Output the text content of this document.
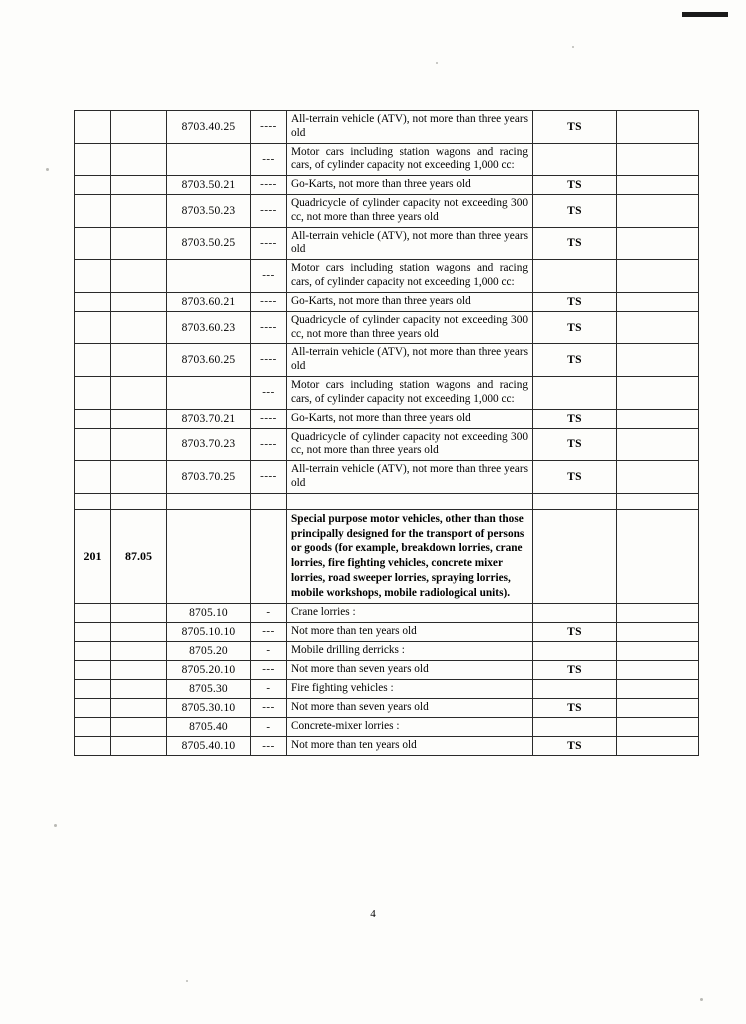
		8703.40.25	----	All-terrain vehicle (ATV), not more than three years old	TS	
			---	Motor cars including station wagons and racing cars, of cylinder capacity not exceeding 1,000 cc:		
		8703.50.21	----	Go-Karts, not more than three years old	TS	
		8703.50.23	----	Quadricycle of cylinder capacity not exceeding 300 cc, not more than three years old	TS	
		8703.50.25	----	All-terrain vehicle (ATV), not more than three years old	TS	
			---	Motor cars including station wagons and racing cars, of cylinder capacity not exceeding 1,000 cc:		
		8703.60.21	----	Go-Karts, not more than three years old	TS	
		8703.60.23	----	Quadricycle of cylinder capacity not exceeding 300 cc, not more than three years old	TS	
		8703.60.25	----	All-terrain vehicle (ATV), not more than three years old	TS	
			---	Motor cars including station wagons and racing cars, of cylinder capacity not exceeding 1,000 cc:		
		8703.70.21	----	Go-Karts, not more than three years old	TS	
		8703.70.23	----	Quadricycle of cylinder capacity not exceeding 300 cc, not more than three years old	TS	
		8703.70.25	----	All-terrain vehicle (ATV), not more than three years old	TS	

201	87.05			Special purpose motor vehicles, other than those principally designed for the transport of persons or goods (for example, breakdown lorries, crane lorries, fire fighting vehicles, concrete mixer lorries, road sweeper lorries, spraying lorries, mobile workshops, mobile radiological units).		
		8705.10	-	Crane lorries :		
		8705.10.10	---	Not more than ten years old	TS	
		8705.20	-	Mobile drilling derricks :		
		8705.20.10	---	Not more than seven years old	TS	
		8705.30	-	Fire fighting vehicles :		
		8705.30.10	---	Not more than seven years old	TS	
		8705.40	-	Concrete-mixer lorries :		
		8705.40.10	---	Not more than ten years old	TS	
4
